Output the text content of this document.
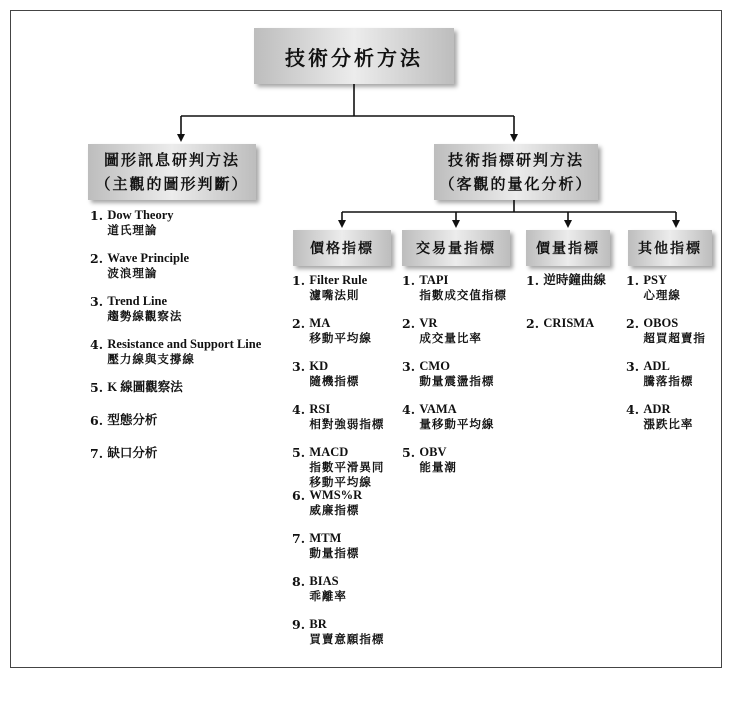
技術分析方法
圖形訊息研判方法
（主觀的圖形判斷）
技術指標研判方法
（客觀的量化分析）
價格指標	交易量指標	價量指標	其他指標
1. Dow Theory
道氏理論
2. Wave Principle
波浪理論
3. Trend Line
趨勢線觀察法
4. Resistance and Support Line
壓力線與支撐線
5. K 線圖觀察法
6. 型態分析
7. 缺口分析
1. Filter Rule
濾嘴法則
2. MA
移動平均線
3. KD
隨機指標
4. RSI
相對強弱指標
5. MACD
指數平滑異同
移動平均線
6. WMS%R
威廉指標
7. MTM
動量指標
8. BIAS
乖離率
9. BR
買賣意願指標
1. TAPI
指數成交值指標
2. VR
成交量比率
3. CMO
動量震盪指標
4. VAMA
量移動平均線
5. OBV
能量潮
1. 逆時鐘曲線
2. CRISMA
1. PSY
心理線
2. OBOS
超買超賣指
3. ADL
騰落指標
4. ADR
漲跌比率
